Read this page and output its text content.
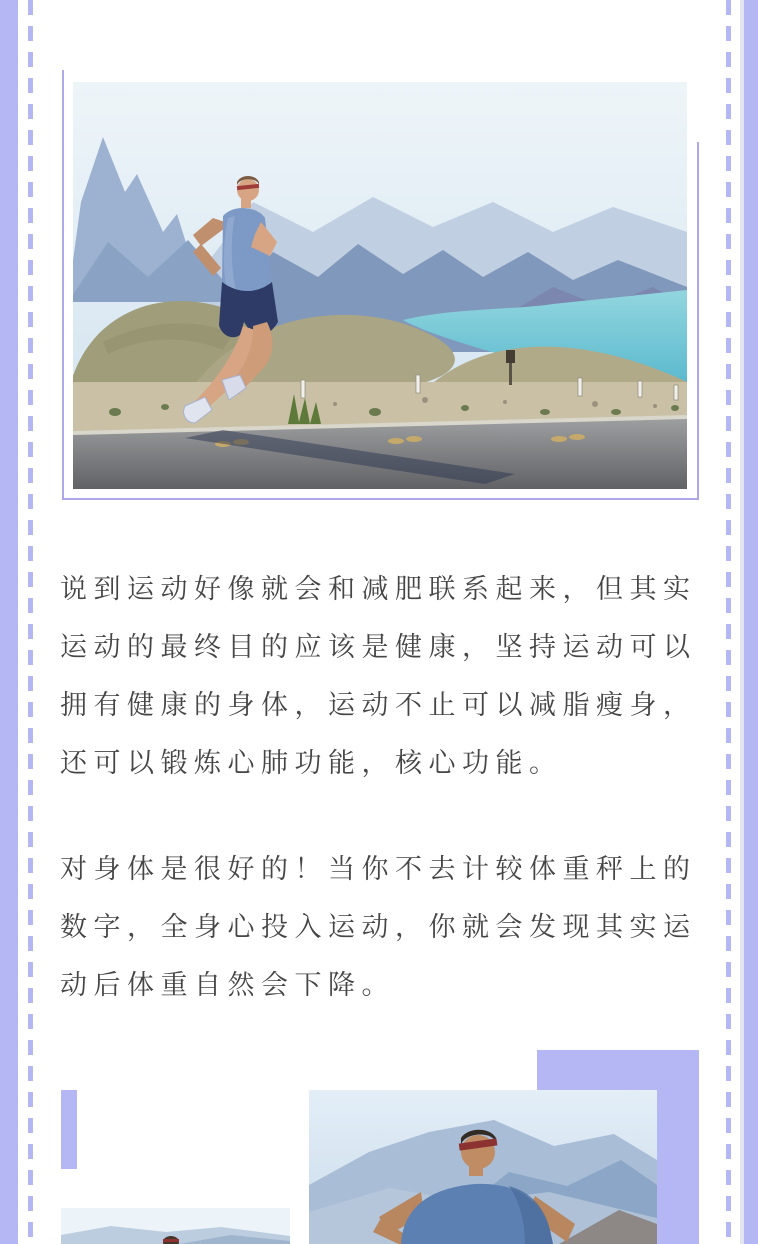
说到运动好像就会和减肥联系起来，但其实
运动的最终目的应该是健康，坚持运动可以
拥有健康的身体，运动不止可以减脂瘦身，
还可以锻炼心肺功能，核心功能。
对身体是很好的！当你不去计较体重秤上的
数字，全身心投入运动，你就会发现其实运
动后体重自然会下降。
